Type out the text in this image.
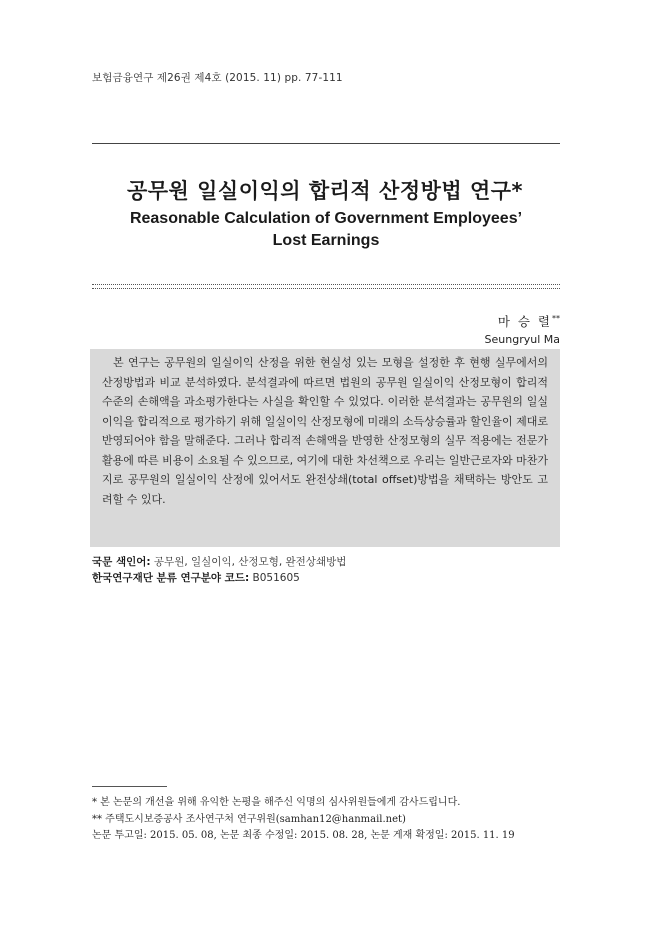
보험금융연구 제26권 제4호 (2015. 11) pp. 77-111
공무원 일실이익의 합리적 산정방법 연구*
Reasonable Calculation of Government Employees’
Lost Earnings
마 승 렬**
Seungryul Ma

본 연구는 공무원의 일실이익 산정을 위한 현실성 있는 모형을 설정한 후 현행 실무에서의 산정방법과 비교 분석하였다. 분석결과에 따르면 법원의 공무원 일실이익 산정모형이 합리적 수준의 손해액을 과소평가한다는 사실을 확인할 수 있었다. 이러한 분석결과는 공무원의 일실이익을 합리적으로 평가하기 위해 일실이익 산정모형에 미래의 소득상승률과 할인율이 제대로 반영되어야 함을 말해준다. 그러나 합리적 손해액을 반영한 산정모형의 실무 적용에는 전문가 활용에 따른 비용이 소요될 수 있으므로, 여기에 대한 차선책으로 우리는 일반근로자와 마찬가지로 공무원의 일실이익 산정에 있어서도 완전상쇄(total offset)방법을 채택하는 방안도 고려할 수 있다.

국문 색인어: 공무원, 일실이익, 산정모형, 완전상쇄방법
한국연구재단 분류 연구분야 코드: B051605
* 본 논문의 개선을 위해 유익한 논평을 해주신 익명의 심사위원들에게 감사드립니다.
** 주택도시보증공사 조사연구처 연구위원(samhan12@hanmail.net)
논문 투고일: 2015. 05. 08, 논문 최종 수정일: 2015. 08. 28, 논문 게재 확정일: 2015. 11. 19
